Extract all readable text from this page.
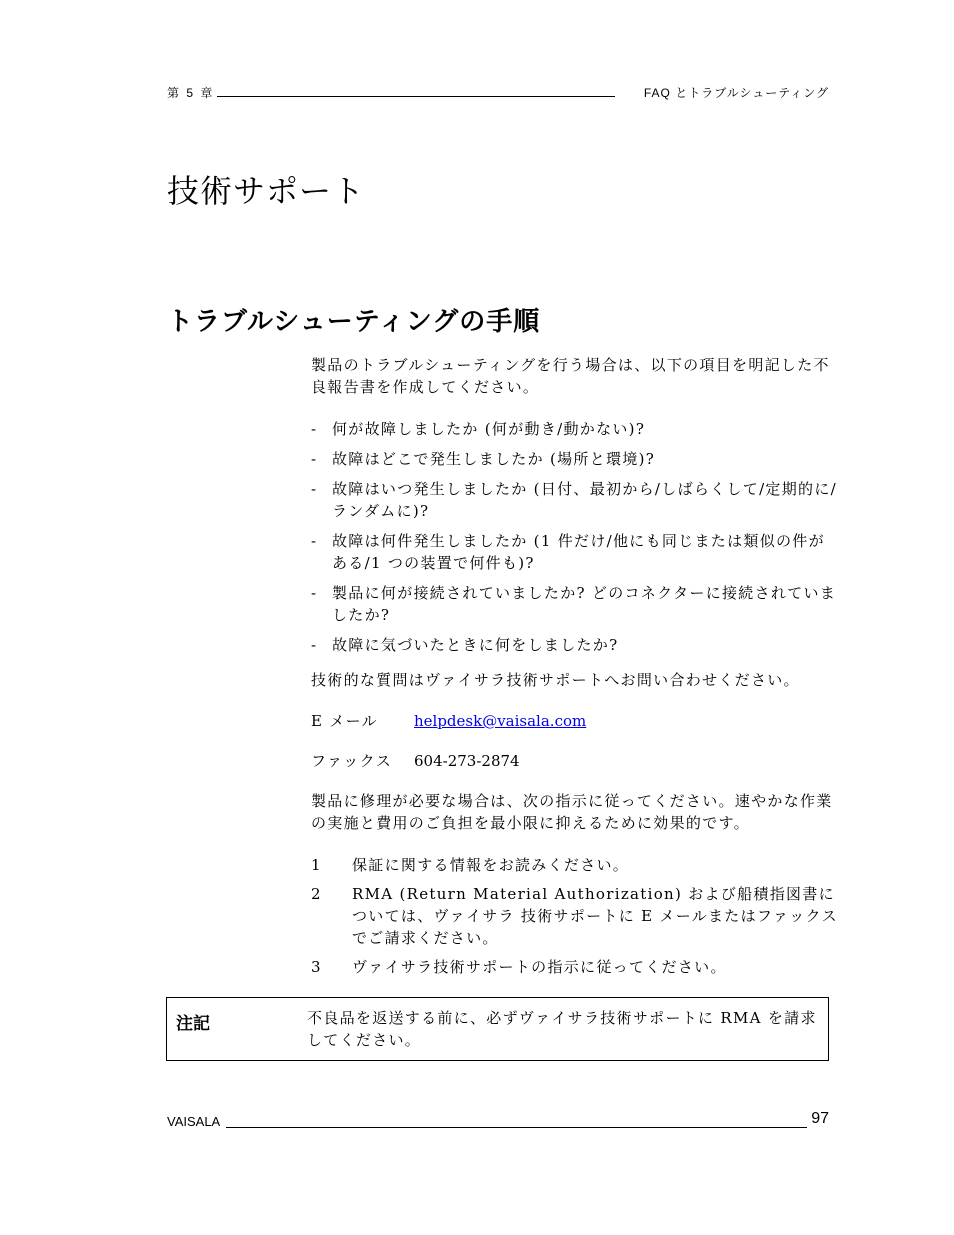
第 5 章	FAQ とトラブルシューティング
技術サポート
トラブルシューティングの手順
製品のトラブルシューティングを行う場合は、以下の項目を明記した不良報告書を作成してください。
- 何が故障しましたか (何が動き/動かない)?
- 故障はどこで発生しましたか (場所と環境)?
- 故障はいつ発生しましたか (日付、最初から/しばらくして/定期的に/ランダムに)?
- 故障は何件発生しましたか (1 件だけ/他にも同じまたは類似の件がある/1 つの装置で何件も)?
- 製品に何が接続されていましたか? どのコネクターに接続されていましたか?
- 故障に気づいたときに何をしましたか?
技術的な質問はヴァイサラ技術サポートへお問い合わせください。
E メール helpdesk@vaisala.com
ファックス 604-273-2874
製品に修理が必要な場合は、次の指示に従ってください。速やかな作業の実施と費用のご負担を最小限に抑えるために効果的です。
1 保証に関する情報をお読みください。
2 RMA (Return Material Authorization) および船積指図書については、ヴァイサラ 技術サポートに E メールまたはファックスでご請求ください。
3 ヴァイサラ技術サポートの指示に従ってください。
注記	不良品を返送する前に、必ずヴァイサラ技術サポートに RMA を請求してください。
VAISALA	97
